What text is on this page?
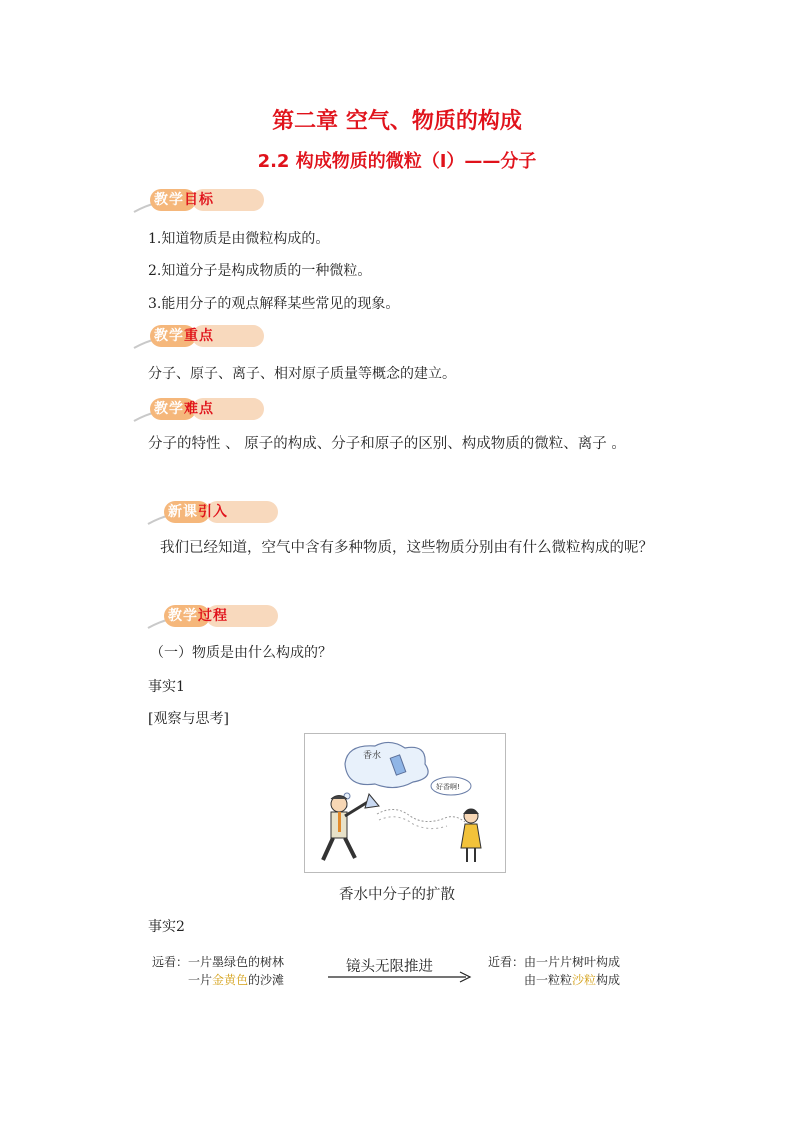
第二章 空气、物质的构成
2.2 构成物质的微粒（Ⅰ）——分子
教学目标
1.知道物质是由微粒构成的。
2.知道分子是构成物质的一种微粒。
3.能用分子的观点解释某些常见的现象。
教学重点
分子、原子、离子、相对原子质量等概念的建立。
教学难点
分子的特性 、 原子的构成、分子和原子的区别、构成物质的微粒、离子 。
新课引入
我们已经知道，空气中含有多种物质，这些物质分别由有什么微粒构成的呢？
教学过程
（一）物质是由什么构成的？
事实1
[观察与思考]
香水
好香啊!
香水中分子的扩散
事实2
远看：一片墨绿色的树林
一片金黄色的沙滩
镜头无限推进	近看：由一片片树叶构成
由一粒粒沙粒构成
